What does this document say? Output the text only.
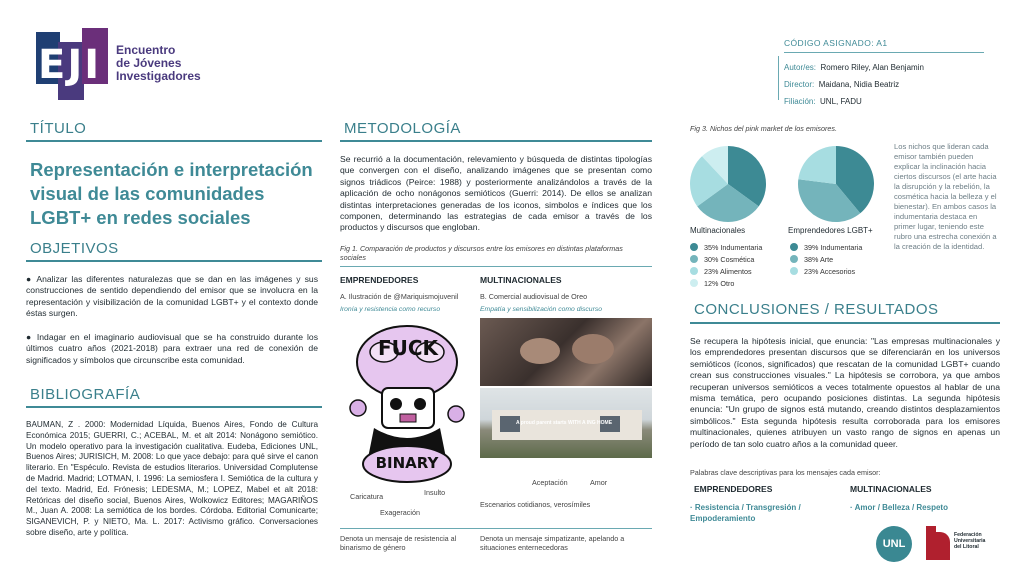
EJI	Encuentro
de Jóvenes
Investigadores
CÓDIGO ASIGNADO: A1
Autor/es: Romero Riley, Alan Benjamin
Director: Maidana, Nidia Beatriz
Filiación: UNL, FADU
TÍTULO
Representación e interpretación
visual de las comunidades
LGBT+ en redes sociales
OBJETIVOS
● Analizar las diferentes naturalezas que se dan en las imágenes y sus construcciones de sentido dependiendo del emisor que se involucra en la representación y visibilización de la comunidad LGBT+ y el contexto donde éstas surgen.
● Indagar en el imaginario audiovisual que se ha construido durante los últimos cuatro años (2021-2018) para extraer una red de conexión de significados y símbolos que circunscribe esta comunidad.
BIBLIOGRAFÍA
BAUMAN, Z . 2000: Modernidad Líquida, Buenos Aires, Fondo de Cultura Económica 2015; GUERRI, C.; ACEBAL, M. et alt 2014: Nonágono semiótico. Un modelo operativo para la investigación cualitativa. Eudeba, Ediciones UNL, Buenos Aires; JURISICH, M. 2008: Lo que yace debajo: para qué sirve el canon literario. En "Espéculo. Revista de estudios literarios. Universidad Complutense de Madrid. Madrid; LOTMAN, I. 1996: La semiosfera I. Semiótica de la cultura y del texto. Madrid, Ed. Frónesis; LEDESMA, M.; LOPEZ, Mabel et alt 2018: Retóricas del diseño social, Buenos Aires, Wolkowicz Editores; MAGARIÑOS M., Juan A. 2008: La semiótica de los bordes. Córdoba. Editorial Comunicarte; SIGANEVICH, P. y NIETO, Ma. L. 2017: Activismo gráfico. Conversaciones sobre diseño, arte y política.
METODOLOGÍA
Se recurrió a la documentación, relevamiento y búsqueda de distintas tipologías que convergen con el diseño, analizando imágenes que se presentan como signos triádicos (Peirce: 1988) y posteriormente analizándolos a través de la aplicación de ocho nonágonos semióticos (Guerri: 2014). De ellos se analizan distintas interpretaciones generadas de los iconos, simbolos e índices que los componen, determinando las estrategias de cada emisor a través de los productos y discursos que engloban.
Fig 1. Comparación de productos y discursos entre los emisores en distintas plataformas sociales
EMPRENDEDORES
A. Ilustración de @Mariquismojuvenil
Ironía y resistencia como recurso
MULTINACIONALES
B. Comercial audiovisual de Oreo
Empatía y sensibilización como discurso
FUCK
BINARY
Caricatura	Insulto
Exageración
A proud parent starts WITH A ING HOME
Aceptación	Amor
Escenarios cotidianos, verosímiles
Denota un mensaje de resistencia al binarismo de género
Denota un mensaje simpatizante, apelando a situaciones enternecedoras
Fig 3. Nichos del pink market de los emisores.
Multinacionales	Emprendedores LGBT+
35% Indumentaria
30% Cosmética
23% Alimentos
12% Otro
39% Indumentaria
38% Arte
23% Accesorios
Los nichos que lideran cada emisor también pueden explicar la inclinación hacia ciertos discursos (el arte hacia la disrupción y la rebelión, la cosmética hacia la belleza y el bienestar). En ambos casos la indumentaria destaca en primer lugar, teniendo este rubro una estrecha conexión a la creación de la identidad.
CONCLUSIONES / RESULTADOS
Se recupera la hipótesis inicial, que enuncia: "Las empresas multinacionales y los emprendedores presentan discursos que se diferenciarán en los universos semióticos (íconos, significados) que rescatan de la comunidad LGBT+ cuando crean sus construcciones visuales." La hipótesis se corrobora, ya que ambos recuperan universos semióticos a veces totalmente opuestos al hablar de una misma temática, pero ocupando posiciones distintas. La segunda hipótesis enuncia: "Un grupo de signos está mutando, creando distintos desplazamientos simbólicos." Esta segunda hipótesis resulta corroborada para los emisores multinacionales, quienes atribuyen un vasto rango de signos en apenas un período de tan solo cuatro años a la comunidad queer.
Palabras clave descriptivas para los mensajes cada emisor:
EMPRENDEDORES	MULTINACIONALES
· Resistencia / Transgresión / Empoderamiento
· Amor / Belleza / Respeto
UNL
Federación
Universitaria
del Litoral
